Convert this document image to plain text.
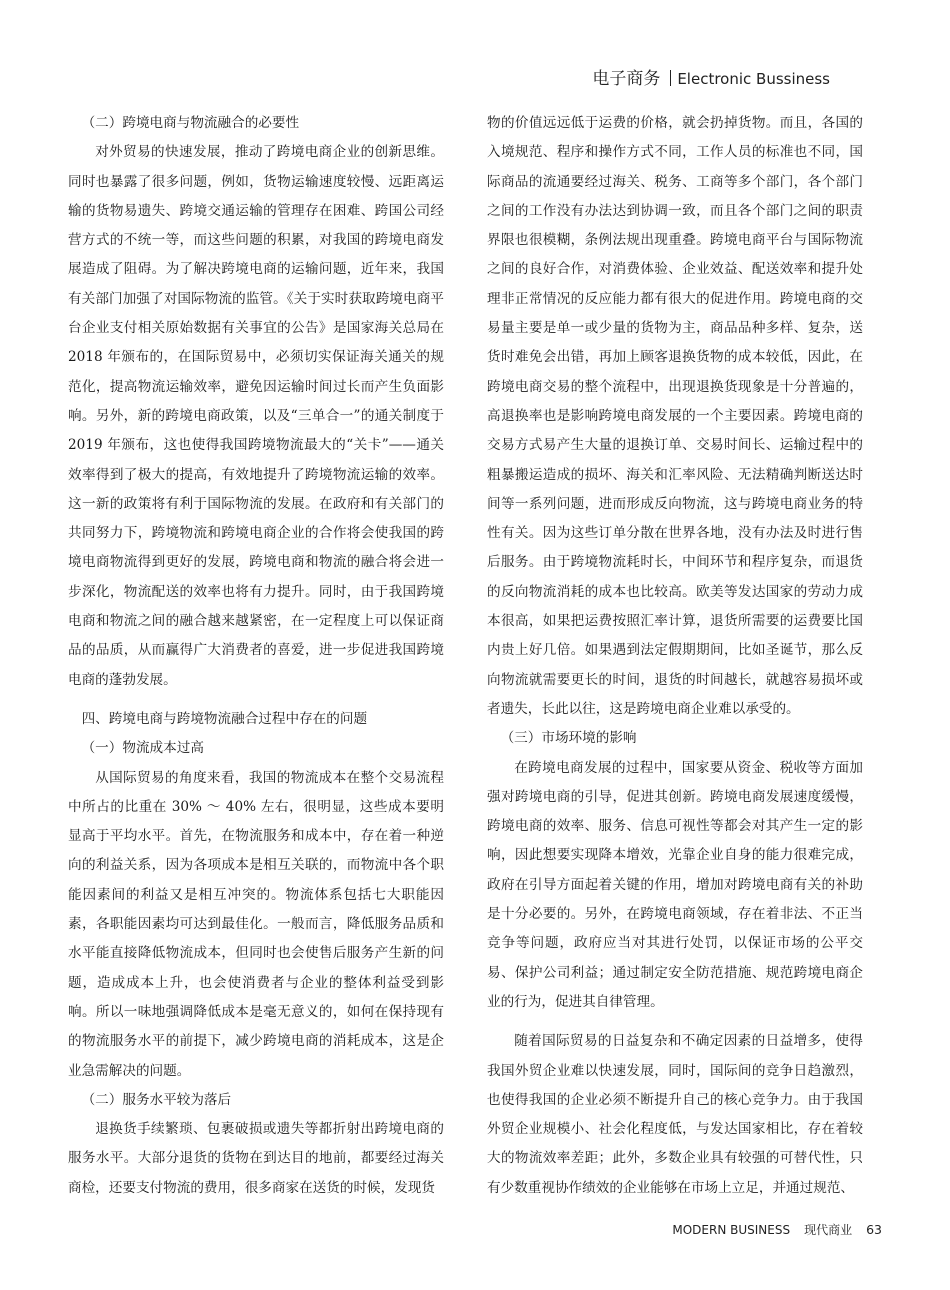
电子商务 Electronic Bussiness
（二）跨境电商与物流融合的必要性

对外贸易的快速发展，推动了跨境电商企业的创新思维。同时也暴露了很多问题，例如，货物运输速度较慢、远距离运输的货物易遗失、跨境交通运输的管理存在困难、跨国公司经营方式的不统一等，而这些问题的积累，对我国的跨境电商发展造成了阻碍。为了解决跨境电商的运输问题，近年来，我国有关部门加强了对国际物流的监管。《关于实时获取跨境电商平台企业支付相关原始数据有关事宜的公告》是国家海关总局在 2018 年颁布的，在国际贸易中，必须切实保证海关通关的规范化，提高物流运输效率，避免因运输时间过长而产生负面影响。另外，新的跨境电商政策，以及“三单合一”的通关制度于 2019 年颁布，这也使得我国跨境物流最大的“关卡”——通关效率得到了极大的提高，有效地提升了跨境物流运输的效率。这一新的政策将有利于国际物流的发展。在政府和有关部门的共同努力下，跨境物流和跨境电商企业的合作将会使我国的跨境电商物流得到更好的发展，跨境电商和物流的融合将会进一步深化，物流配送的效率也将有力提升。同时，由于我国跨境电商和物流之间的融合越来越紧密，在一定程度上可以保证商品的品质，从而赢得广大消费者的喜爱，进一步促进我国跨境电商的蓬勃发展。

四、跨境电商与跨境物流融合过程中存在的问题
（一）物流成本过高

从国际贸易的角度来看，我国的物流成本在整个交易流程中所占的比重在 30% ～ 40% 左右，很明显，这些成本要明显高于平均水平。首先，在物流服务和成本中，存在着一种逆向的利益关系，因为各项成本是相互关联的，而物流中各个职能因素间的利益又是相互冲突的。物流体系包括七大职能因素，各职能因素均可达到最佳化。一般而言，降低服务品质和水平能直接降低物流成本，但同时也会使售后服务产生新的问题，造成成本上升，也会使消费者与企业的整体利益受到影响。所以一味地强调降低成本是毫无意义的，如何在保持现有的物流服务水平的前提下，减少跨境电商的消耗成本，这是企业急需解决的问题。

（二）服务水平较为落后

退换货手续繁琐、包裹破损或遗失等都折射出跨境电商的服务水平。大部分退货的货物在到达目的地前，都要经过海关商检，还要支付物流的费用，很多商家在送货的时候，发现货

物的价值远远低于运费的价格，就会扔掉货物。而且，各国的入境规范、程序和操作方式不同，工作人员的标准也不同，国际商品的流通要经过海关、税务、工商等多个部门，各个部门之间的工作没有办法达到协调一致，而且各个部门之间的职责界限也很模糊，条例法规出现重叠。跨境电商平台与国际物流之间的良好合作，对消费体验、企业效益、配送效率和提升处理非正常情况的反应能力都有很大的促进作用。跨境电商的交易量主要是单一或少量的货物为主，商品品种多样、复杂，送货时难免会出错，再加上顾客退换货物的成本较低，因此，在跨境电商交易的整个流程中，出现退换货现象是十分普遍的，高退换率也是影响跨境电商发展的一个主要因素。跨境电商的交易方式易产生大量的退换订单、交易时间长、运输过程中的粗暴搬运造成的损坏、海关和汇率风险、无法精确判断送达时间等一系列问题，进而形成反向物流，这与跨境电商业务的特性有关。因为这些订单分散在世界各地，没有办法及时进行售后服务。由于跨境物流耗时长，中间环节和程序复杂，而退货的反向物流消耗的成本也比较高。欧美等发达国家的劳动力成本很高，如果把运费按照汇率计算，退货所需要的运费要比国内贵上好几倍。如果遇到法定假期期间，比如圣诞节，那么反向物流就需要更长的时间，退货的时间越长，就越容易损坏或者遗失，长此以往，这是跨境电商企业难以承受的。

（三）市场环境的影响

在跨境电商发展的过程中，国家要从资金、税收等方面加强对跨境电商的引导，促进其创新。跨境电商发展速度缓慢，跨境电商的效率、服务、信息可视性等都会对其产生一定的影响，因此想要实现降本增效，光靠企业自身的能力很难完成，政府在引导方面起着关键的作用，增加对跨境电商有关的补助是十分必要的。另外，在跨境电商领域，存在着非法、不正当竞争等问题，政府应当对其进行处罚，以保证市场的公平交易、保护公司利益；通过制定安全防范措施、规范跨境电商企业的行为，促进其自律管理。

随着国际贸易的日益复杂和不确定因素的日益增多，使得我国外贸企业难以快速发展，同时，国际间的竞争日趋激烈，也使得我国的企业必须不断提升自己的核心竞争力。由于我国外贸企业规模小、社会化程度低，与发达国家相比，存在着较大的物流效率差距；此外，多数企业具有较强的可替代性，只有少数重视协作绩效的企业能够在市场上立足，并通过规范、

MODERN BUSINESS 现代商业 63
